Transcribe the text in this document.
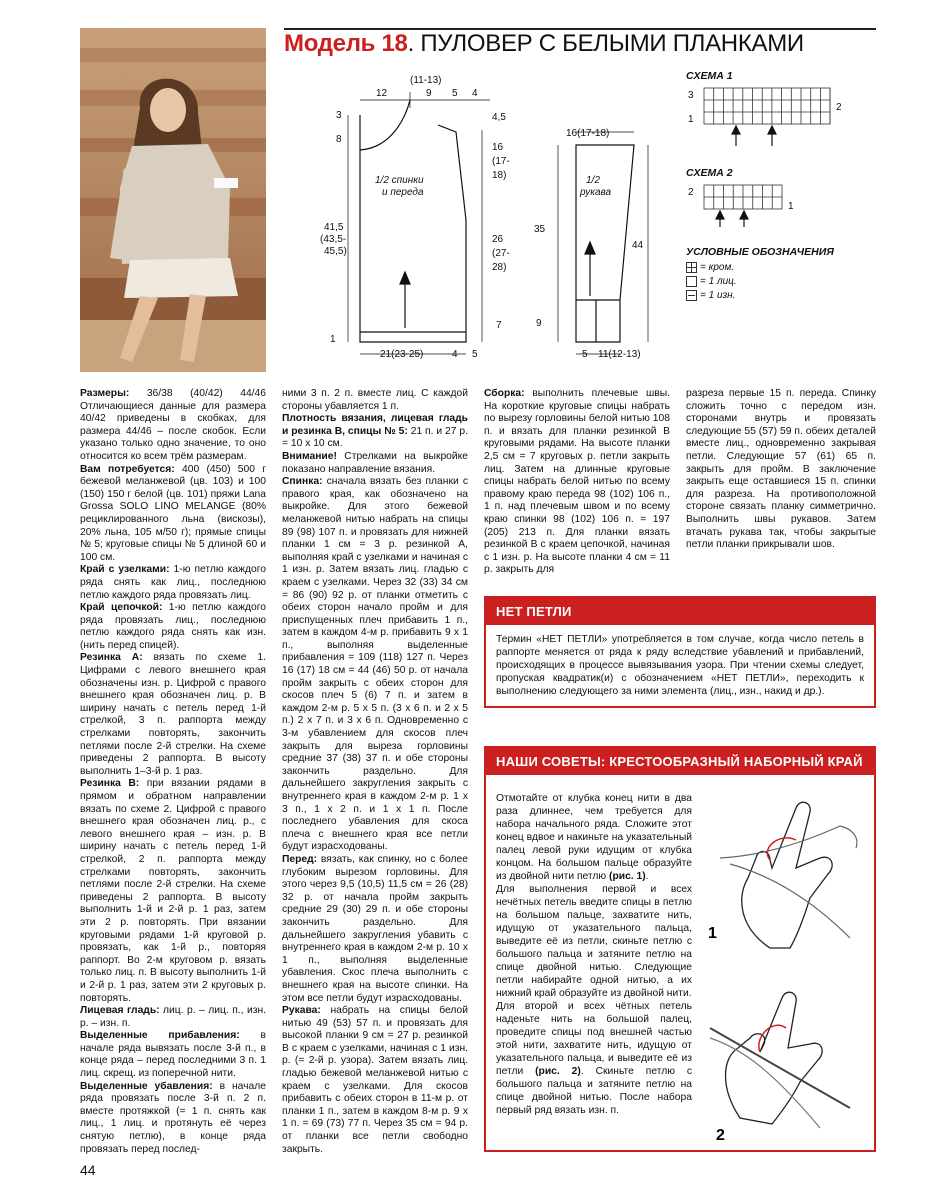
Модель 18. ПУЛОВЕР С БЕЛЫМИ ПЛАНКАМИ
1/2 спинки
и переда
1/2
рукава
(11-13)
12	9 5 4
3
8
41,5
(43,5-
45,5)
1
4,5
16
(17-
18)
26
(27-
28)
7
21(23-25)	4 5
16(17-18)
35
9
44
5 11(12-13)
СХЕМА 1
3
1
2
СХЕМА 2
2
1
УСЛОВНЫЕ ОБОЗНАЧЕНИЯ
= кром.
= 1 лиц.
= 1 изн.

Размеры: 36/38 (40/42) 44/46 Отличающиеся данные для размера 40/42 приведены в скобках, для размера 44/46 – после скобок. Если указано только одно значение, то оно относится ко всем трём размерам.

Вам потребуется: 400 (450) 500 г бежевой меланжевой (цв. 103) и 100 (150) 150 г белой (цв. 101) пряжи Lana Grossa SOLO LINO MELANGE (80% рециклированного льна (вискозы), 20% льна, 105 м/50 г); прямые спицы № 5; круговые спицы № 5 длиной 60 и 100 см.

Край с узелками: 1-ю петлю каждого ряда снять как лиц., последнюю петлю каждого ряда провязать лиц.

Край цепочкой: 1-ю петлю каждого ряда провязать лиц., последнюю петлю каждого ряда снять как изн. (нить перед спицей).

Резинка А: вязать по схеме 1. Цифрами с левого внешнего края обозначены изн. р. Цифрой с правого внешнего края обозначен лиц. р. В ширину начать с петель перед 1-й стрелкой, 3 п. раппорта между стрелками повторять, закончить петлями после 2-й стрелки. На схеме приведены 2 раппорта. В высоту выполнить 1–3-й р. 1 раз.

Резинка В: при вязании рядами в прямом и обратном направлении вязать по схеме 2. Цифрой с правого внешнего края обозначен лиц. р., с левого внешнего края – изн. р. В ширину начать с петель перед 1-й стрелкой, 2 п. раппорта между стрелками повторять, закончить петлями после 2-й стрелки. На схеме приведены 2 раппорта. В высоту выполнить 1-й и 2-й р. 1 раз, затем эти 2 р. повторять. При вязании круговыми рядами 1-й круговой р. провязать, как 1-й р., повторяя раппорт. Во 2-м круговом р. вязать только лиц. п. В высоту выполнить 1-й и 2-й р. 1 раз, затем эти 2 круговых р. повторять.

Лицевая гладь: лиц. р. – лиц. п., изн. р. – изн. п.

Выделенные прибавления: в начале ряда вывязать после 3-й п., в конце ряда – перед последними 3 п. 1 лиц. скрещ. из поперечной нити.

Выделенные убавления: в начале ряда провязать после 3-й п. 2 п. вместе протяжкой (= 1 п. снять как лиц., 1 лиц. и протянуть её через снятую петлю), в конце ряда провязать перед послед-

ними 3 п. 2 п. вместе лиц. С каждой стороны убавляется 1 п.

Плотность вязания, лицевая гладь и резинка В, спицы № 5: 21 п. и 27 р. = 10 х 10 см.

Внимание! Стрелками на выкройке показано направление вязания.

Спинка: сначала вязать без планки с правого края, как обозначено на выкройке. Для этого бежевой меланжевой нитью набрать на спицы 89 (98) 107 п. и провязать для нижней планки 1 см = 3 р. резинкой А, выполняя край с узелками и начиная с 1 изн. р. Затем вязать лиц. гладью с краем с узелками. Через 32 (33) 34 см = 86 (90) 92 р. от планки отметить с обеих сторон начало пройм и для приспущенных плеч прибавить 1 п., затем в каждом 4-м р. прибавить 9 х 1 п., выполняя выделенные прибавления = 109 (118) 127 п. Через 16 (17) 18 см = 44 (46) 50 р. от начала пройм закрыть с обеих сторон для скосов плеч 5 (6) 7 п. и затем в каждом 2-м р. 5 х 5 п. (3 х 6 п. и 2 х 5 п.) 2 х 7 п. и 3 х 6 п. Одновременно с 3-м убавлением для скосов плеч закрыть для выреза горловины средние 37 (38) 37 п. и обе стороны закончить раздельно. Для дальнейшего закругления закрыть с внутреннего края в каждом 2-м р. 1 х 3 п., 1 х 2 п. и 1 х 1 п. После последнего убавления для скоса плеча с внешнего края все петли будут израсходованы.

Перед: вязать, как спинку, но с более глубоким вырезом горловины. Для этого через 9,5 (10,5) 11,5 см = 26 (28) 32 р. от начала пройм закрыть средние 29 (30) 29 п. и обе стороны закончить раздельно. Для дальнейшего закругления убавить с внутреннего края в каждом 2-м р. 10 х 1 п., выполняя выделенные убавления. Скос плеча выполнить с внешнего края на высоте спинки. На этом все петли будут израсходованы.

Рукава: набрать на спицы белой нитью 49 (53) 57 п. и провязать для высокой планки 9 см = 27 р. резинкой В с краем с узелками, начиная с 1 изн. р. (= 2-й р. узора). Затем вязать лиц. гладью бежевой меланжевой нитью с краем с узелками. Для скосов прибавить с обеих сторон в 11-м р. от планки 1 п., затем в каждом 8-м р. 9 х 1 п. = 69 (73) 77 п. Через 35 см = 94 р. от планки все петли свободно закрыть.

Сборка: выполнить плечевые швы. На короткие круговые спицы набрать по вырезу горловины белой нитью 108 п. и вязать для планки резинкой В круговыми рядами. На высоте планки 2,5 см = 7 круговых р. петли закрыть лиц. Затем на длинные круговые спицы набрать белой нитью по всему правому краю переда 98 (102) 106 п., 1 п. над плечевым швом и по всему краю спинки 98 (102) 106 п. = 197 (205) 213 п. Для планки вязать резинкой В с краем цепочкой, начиная с 1 изн. р. На высоте планки 4 см = 11 р. закрыть для

разреза первые 15 п. переда. Спинку сложить точно с передом изн. сторонами внутрь и провязать следующие 55 (57) 59 п. обеих деталей вместе лиц., одновременно закрывая петли. Следующие 57 (61) 65 п. закрыть для пройм. В заключение закрыть еще оставшиеся 15 п. спинки для разреза. На противоположной стороне связать планку симметрично. Выполнить швы рукавов. Затем втачать рукава так, чтобы закрытые петли планки прикрывали шов.

НЕТ ПЕТЛИ
Термин «НЕТ ПЕТЛИ» употребляется в том случае, когда число петель в раппорте меняется от ряда к ряду вследствие убавлений и прибавлений, происходящих в процессе вывязывания узора. При чтении схемы следует, пропуская квадратик(и) с обозначением «НЕТ ПЕТЛИ», переходить к выполнению следующего за ними элемента (лиц., изн., накид и др.).
НАШИ СОВЕТЫ: КРЕСТООБРАЗНЫЙ НАБОРНЫЙ КРАЙ

Отмотайте от клубка конец нити в два раза длиннее, чем требуется для набора начального ряда. Сложите этот конец вдвое и накиньте на указательный палец левой руки идущим от клубка концом. На большом пальце образуйте из двойной нити петлю (рис. 1).

Для выполнения первой и всех нечётных петель введите спицы в петлю на большом пальце, захватите нить, идущую от указательного пальца, выведите её из петли, скиньте петлю с большого пальца и затяните петлю на спице двойной нитью. Следующие петли набирайте одной нитью, а их нижний край образуйте из двойной нити.

Для второй и всех чётных петель наденьте нить на большой палец, проведите спицы под внешней частью этой нити, захватите нить, идущую от указательного пальца, и выведите её из петли (рис. 2). Скиньте петлю с большого пальца и затяните петлю на спице двойной нитью. После набора первый ряд вязать изн. п.

1
2
44
